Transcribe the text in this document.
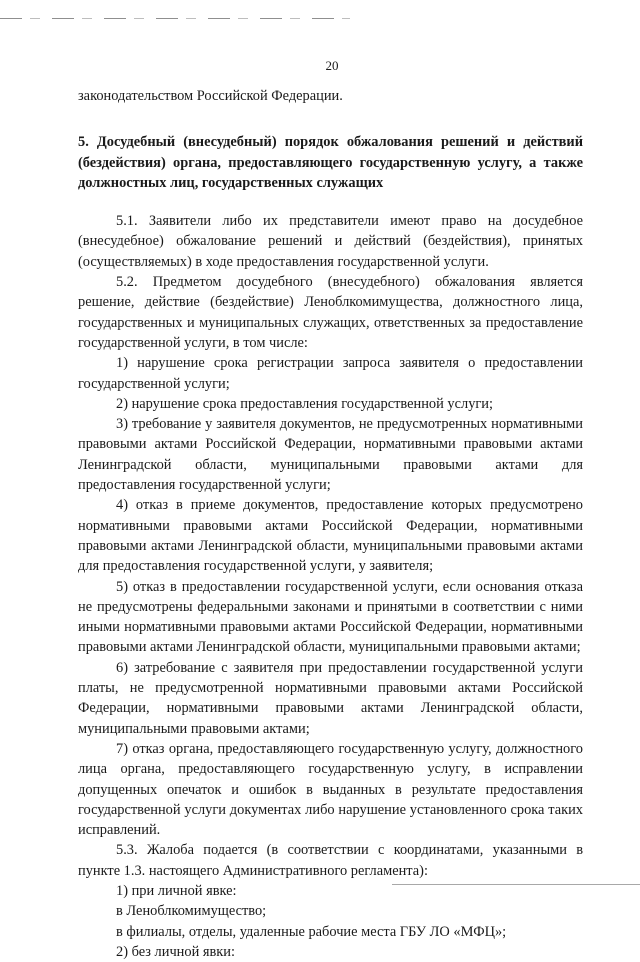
20

законодательством Российской Федерации.

5. Досудебный (внесудебный) порядок обжалования решений и действий (бездействия) органа, предоставляющего государственную услугу, а также должностных лиц, государственных служащих

5.1. Заявители либо их представители имеют право на досудебное (внесудебное) обжалование решений и действий (бездействия), принятых (осуществляемых) в ходе предоставления государственной услуги.

5.2. Предметом досудебного (внесудебного) обжалования является решение, действие (бездействие) Леноблкомимущества, должностного лица, государственных и муниципальных служащих, ответственных за предоставление государственной услуги, в том числе:

1) нарушение срока регистрации запроса заявителя о предоставлении государственной услуги;

2) нарушение срока предоставления государственной услуги;

3) требование у заявителя документов, не предусмотренных нормативными правовыми актами Российской Федерации, нормативными правовыми актами Ленинградской области, муниципальными правовыми актами для предоставления государственной услуги;

4) отказ в приеме документов, предоставление которых предусмотрено нормативными правовыми актами Российской Федерации, нормативными правовыми актами Ленинградской области, муниципальными правовыми актами для предоставления государственной услуги, у заявителя;

5) отказ в предоставлении государственной услуги, если основания отказа не предусмотрены федеральными законами и принятыми в соответствии с ними иными нормативными правовыми актами Российской Федерации, нормативными правовыми актами Ленинградской области, муниципальными правовыми актами;

6) затребование с заявителя при предоставлении государственной услуги платы, не предусмотренной нормативными правовыми актами Российской Федерации, нормативными правовыми актами Ленинградской области, муниципальными правовыми актами;

7) отказ органа, предоставляющего государственную услугу, должностного лица органа, предоставляющего государственную услугу, в исправлении допущенных опечаток и ошибок в выданных в результате предоставления государственной услуги документах либо нарушение установленного срока таких исправлений.

5.3. Жалоба подается (в соответствии с координатами, указанными в пункте 1.3. настоящего Административного регламента):

1) при личной явке:

в Леноблкомимущество;

в филиалы, отделы, удаленные рабочие места ГБУ ЛО «МФЦ»;

2) без личной явки:
